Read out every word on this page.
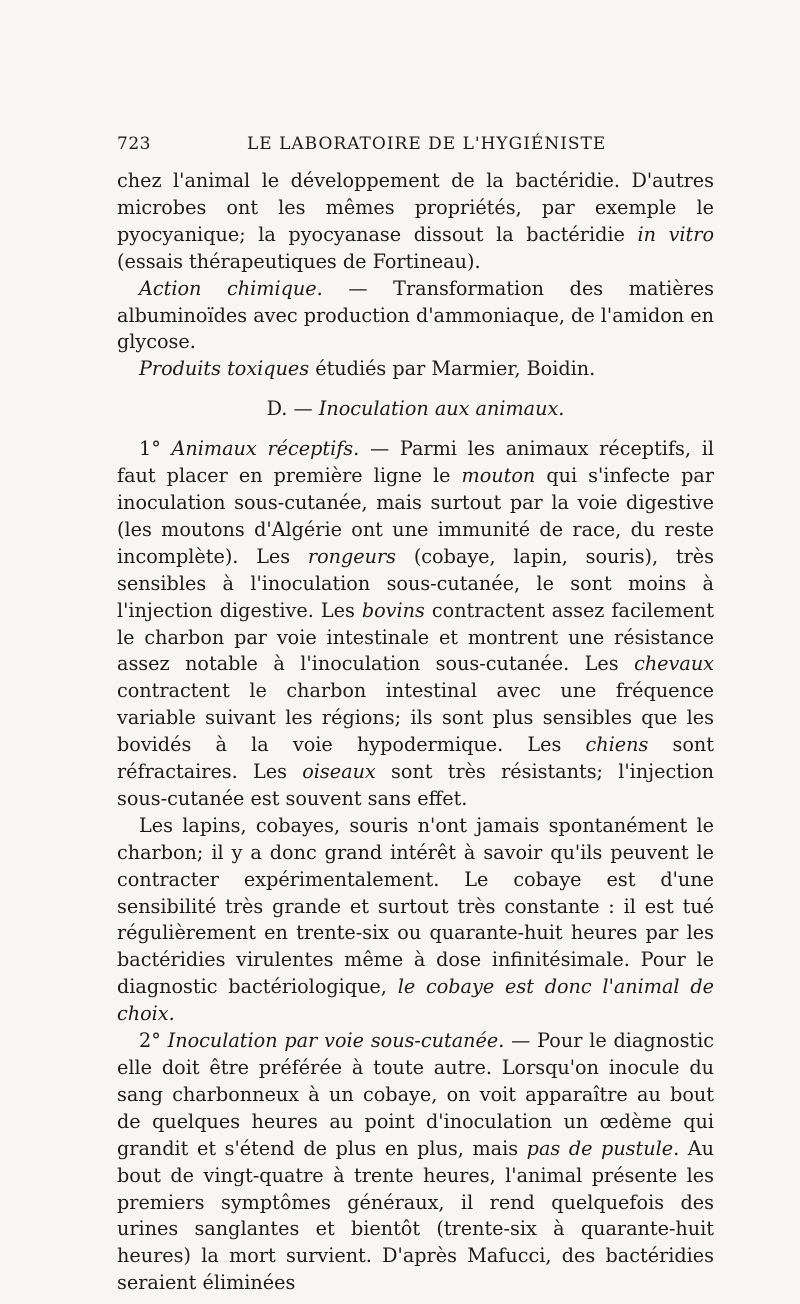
723	LE LABORATOIRE DE L'HYGIÉNISTE

chez l'animal le développement de la bactéridie. D'autres microbes ont les mêmes propriétés, par exemple le pyocyanique; la pyocyanase dissout la bactéridie in vitro (essais thérapeutiques de Fortineau).

Action chimique. — Transformation des matières albuminoïdes avec production d'ammoniaque, de l'amidon en glycose.

Produits toxiques étudiés par Marmier, Boidin.

D. — Inoculation aux animaux.

1° Animaux réceptifs. — Parmi les animaux réceptifs, il faut placer en première ligne le mouton qui s'infecte par inoculation sous-cutanée, mais surtout par la voie digestive (les moutons d'Algérie ont une immunité de race, du reste incomplète). Les rongeurs (cobaye, lapin, souris), très sensibles à l'inoculation sous-cutanée, le sont moins à l'injection digestive. Les bovins contractent assez facilement le charbon par voie intestinale et montrent une résistance assez notable à l'inoculation sous-cutanée. Les chevaux contractent le charbon intestinal avec une fréquence variable suivant les régions; ils sont plus sensibles que les bovidés à la voie hypodermique. Les chiens sont réfractaires. Les oiseaux sont très résistants; l'injection sous-cutanée est souvent sans effet.

Les lapins, cobayes, souris n'ont jamais spontanément le charbon; il y a donc grand intérêt à savoir qu'ils peuvent le contracter expérimentalement. Le cobaye est d'une sensibilité très grande et surtout très constante : il est tué régulièrement en trente-six ou quarante-huit heures par les bactéridies virulentes même à dose infinitésimale. Pour le diagnostic bactériologique, le cobaye est donc l'animal de choix.

2° Inoculation par voie sous-cutanée. — Pour le diagnostic elle doit être préférée à toute autre. Lorsqu'on inocule du sang charbonneux à un cobaye, on voit apparaître au bout de quelques heures au point d'inoculation un œdème qui grandit et s'étend de plus en plus, mais pas de pustule. Au bout de vingt-quatre à trente heures, l'animal présente les premiers symptômes généraux, il rend quelquefois des urines sanglantes et bientôt (trente-six à quarante-huit heures) la mort survient. D'après Mafucci, des bactéridies seraient éliminées
